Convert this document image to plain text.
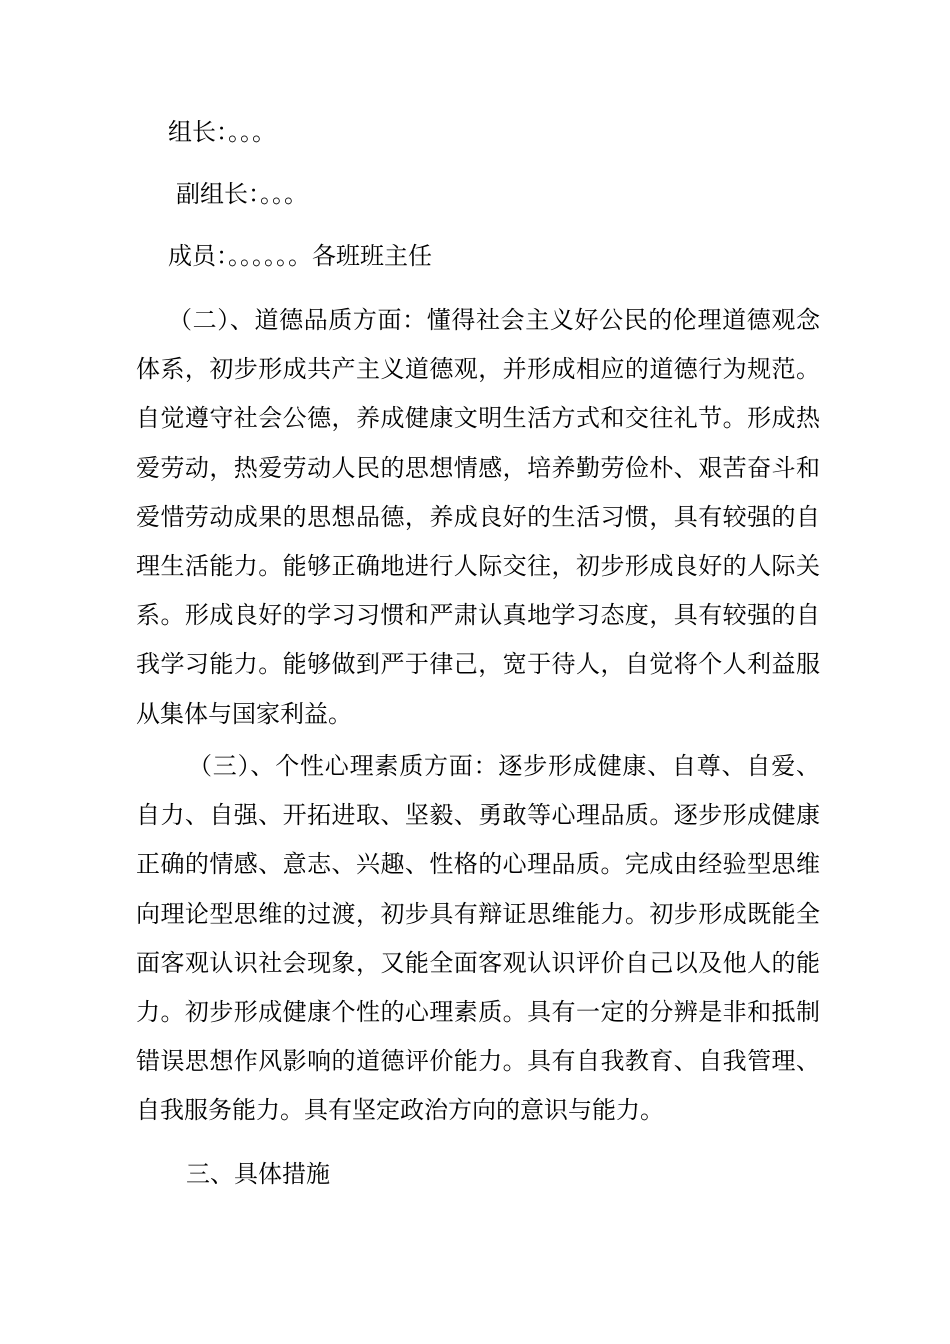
组长：。。。

副组长：。。。

成员：。。。。。。各班班主任

（二）、道德品质方面：懂得社会主义好公民的伦理道德观念
体系，初步形成共产主义道德观，并形成相应的道德行为规范。
自觉遵守社会公德，养成健康文明生活方式和交往礼节。形成热
爱劳动，热爱劳动人民的思想情感，培养勤劳俭朴、艰苦奋斗和
爱惜劳动成果的思想品德，养成良好的生活习惯，具有较强的自
理生活能力。能够正确地进行人际交往，初步形成良好的人际关
系。形成良好的学习习惯和严肃认真地学习态度，具有较强的自
我学习能力。能够做到严于律己，宽于待人，自觉将个人利益服
从集体与国家利益。
（三）、个性心理素质方面：逐步形成健康、自尊、自爱、
自力、自强、开拓进取、坚毅、勇敢等心理品质。逐步形成健康
正确的情感、意志、兴趣、性格的心理品质。完成由经验型思维
向理论型思维的过渡，初步具有辩证思维能力。初步形成既能全
面客观认识社会现象，又能全面客观认识评价自己以及他人的能
力。初步形成健康个性的心理素质。具有一定的分辨是非和抵制
错误思想作风影响的道德评价能力。具有自我教育、自我管理、
自我服务能力。具有坚定政治方向的意识与能力。

三、具体措施
